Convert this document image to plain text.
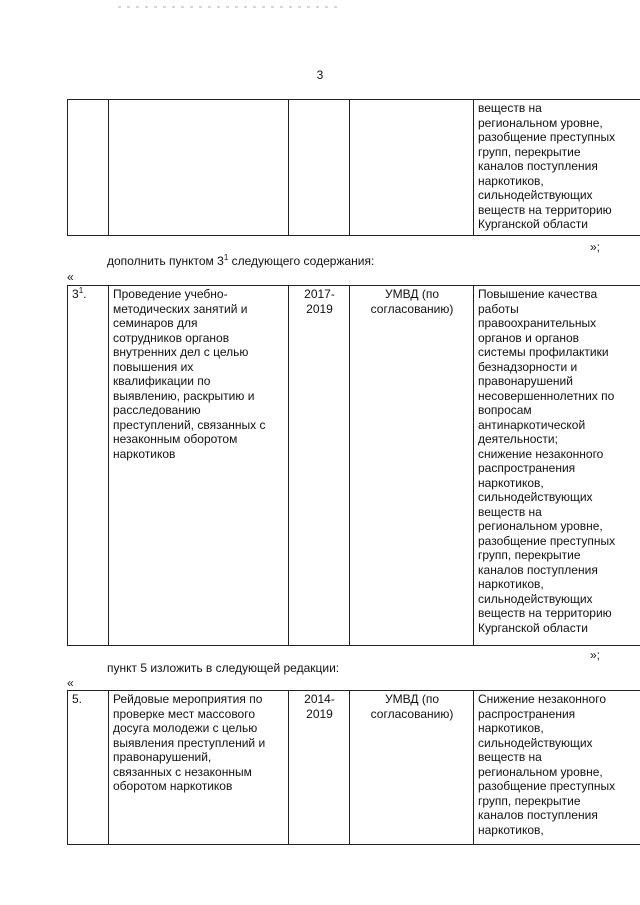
3
				веществ на
региональном уровне,
разобщение преступных
групп, перекрытие
каналов поступления
наркотиков,
сильнодействующих
веществ на территорию
Курганской области
»;
дополнить пунктом $3^1$ следующего содержания:
«
$3^1$.	Проведение учебно-
методических занятий и
семинаров для
сотрудников органов
внутренних дел с целью
повышения их
квалификации по
выявлению, раскрытию и
расследованию
преступлений, связанных с
незаконным оборотом
наркотиков	2017-
2019	УМВД (по
согласованию)	Повышение качества
работы
правоохранительных
органов и органов
системы профилактики
безнадзорности и
правонарушений
несовершеннолетних по
вопросам
антинаркотической
деятельности;
снижение незаконного
распространения
наркотиков,
сильнодействующих
веществ на
региональном уровне,
разобщение преступных
групп, перекрытие
каналов поступления
наркотиков,
сильнодействующих
веществ на территорию
Курганской области
»;
пункт 5 изложить в следующей редакции:
«
5.	Рейдовые мероприятия по
проверке мест массового
досуга молодежи с целью
выявления преступлений и
правонарушений,
связанных с незаконным
оборотом наркотиков	2014-
2019	УМВД (по
согласованию)	Снижение незаконного
распространения
наркотиков,
сильнодействующих
веществ на
региональном уровне,
разобщение преступных
групп, перекрытие
каналов поступления
наркотиков,
